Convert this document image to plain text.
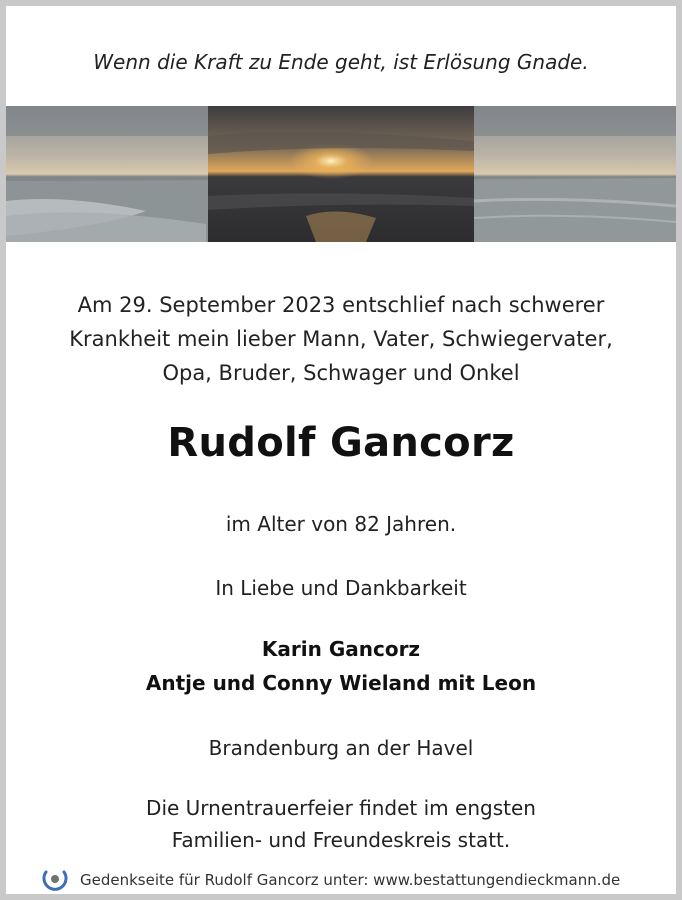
Wenn die Kraft zu Ende geht, ist Erlösung Gnade.
Am 29. September 2023 entschlief nach schwerer
Krankheit mein lieber Mann, Vater, Schwiegervater,
Opa, Bruder, Schwager und Onkel
Rudolf Gancorz
im Alter von 82 Jahren.
In Liebe und Dankbarkeit
Karin Gancorz
Antje und Conny Wieland mit Leon
Brandenburg an der Havel
Die Urnentrauerfeier findet im engsten
Familien- und Freundeskreis statt.
Gedenkseite für Rudolf Gancorz unter: www.bestattungendieckmann.de
